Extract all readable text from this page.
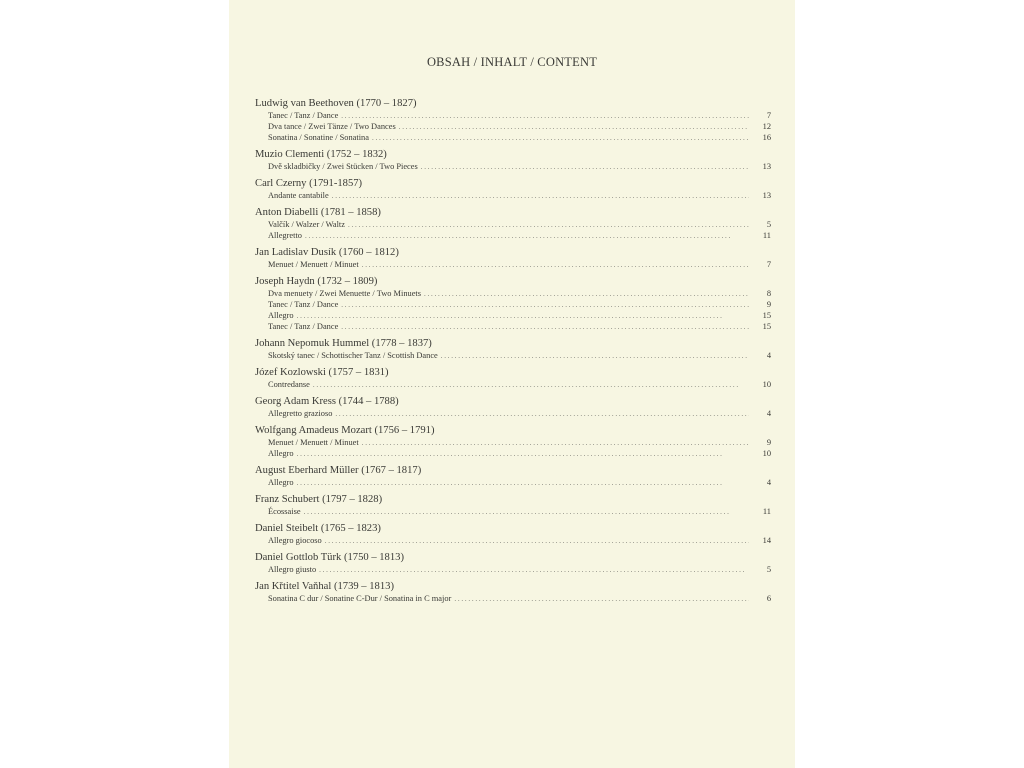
OBSAH / INHALT / CONTENT
Ludwig van Beethoven (1770 – 1827)
Tanec / Tanz / Dance . . .	7
Dva tance / Zwei Tänze / Two Dances . . .	12
Sonatina / Sonatine / Sonatina . . .	16
Muzio Clementi (1752 – 1832)
Dvě skladbičky / Zwei Stücken / Two Pieces . . .	13
Carl Czerny (1791-1857)
Andante cantabile . . .	13
Anton Diabelli (1781 – 1858)
Valčík / Walzer / Waltz . . .	5
Allegretto . . .	11
Jan Ladislav Dusík (1760 – 1812)
Menuet / Menuett / Minuet . . .	7
Joseph Haydn (1732 – 1809)
Dva menuety / Zwei Menuette / Two Minuets . . .	8
Tanec / Tanz / Dance . . .	9
Allegro . . .	15
Tanec / Tanz / Dance . . .	15
Johann Nepomuk Hummel (1778 – 1837)
Skotský tanec / Schottischer Tanz / Scottish Dance . . .	4
Józef Kozlowski (1757 – 1831)
Contredanse . . .	10
Georg Adam Kress (1744 – 1788)
Allegretto grazioso . . .	4
Wolfgang Amadeus Mozart (1756 – 1791)
Menuet / Menuett / Minuet . . .	9
Allegro . . .	10
August Eberhard Müller (1767 – 1817)
Allegro . . .	4
Franz Schubert (1797 – 1828)
Écossaise . . .	11
Daniel Steibelt (1765 – 1823)
Allegro giocoso . . .	14
Daniel Gottlob Türk (1750 – 1813)
Allegro giusto . . .	5
Jan Křtitel Vaňhal (1739 – 1813)
Sonatina C dur / Sonatine C-Dur / Sonatina in C major . . .	6
